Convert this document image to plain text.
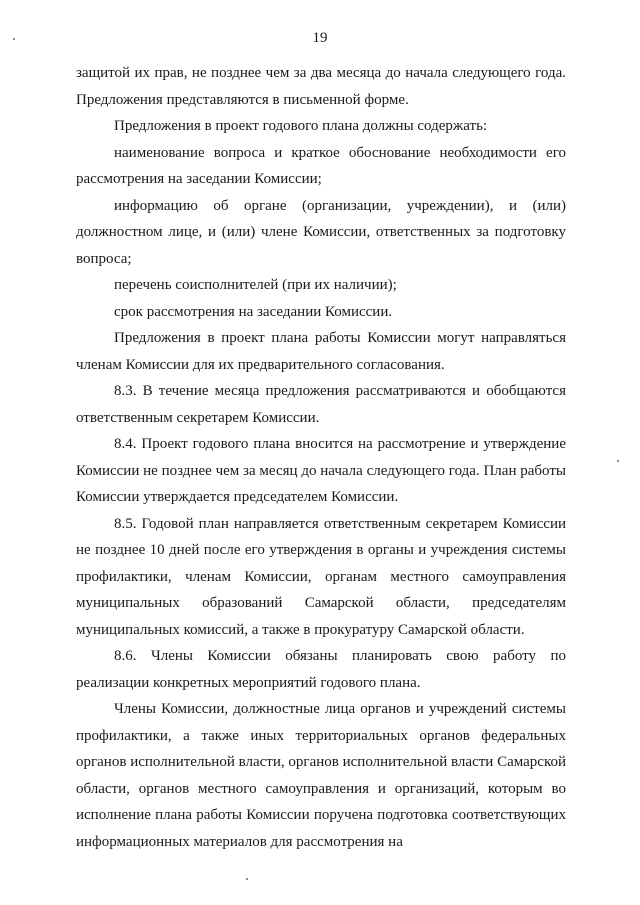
19

защитой их прав, не позднее чем за два месяца до начала следующего года. Предложения представляются в письменной форме.

Предложения в проект годового плана должны содержать:

наименование вопроса и краткое обоснование необходимости его рассмотрения на заседании Комиссии;

информацию об органе (организации, учреждении), и (или) должностном лице, и (или) члене Комиссии, ответственных за подготовку вопроса;

перечень соисполнителей (при их наличии);

срок рассмотрения на заседании Комиссии.

Предложения в проект плана работы Комиссии могут направляться членам Комиссии для их предварительного согласования.

8.3. В течение месяца предложения рассматриваются и обобщаются ответственным секретарем Комиссии.

8.4. Проект годового плана вносится на рассмотрение и утверждение Комиссии не позднее чем за месяц до начала следующего года. План работы Комиссии утверждается председателем Комиссии.

8.5. Годовой план направляется ответственным секретарем Комиссии не позднее 10 дней после его утверждения в органы и учреждения системы профилактики, членам Комиссии, органам местного самоуправления муниципальных образований Самарской области, председателям муниципальных комиссий, а также в прокуратуру Самарской области.

8.6. Члены Комиссии обязаны планировать свою работу по реализации конкретных мероприятий годового плана.

Члены Комиссии, должностные лица органов и учреждений системы профилактики, а также иных территориальных органов федеральных органов исполнительной власти, органов исполнительной власти Самарской области, органов местного самоуправления и организаций, которым во исполнение плана работы Комиссии поручена подготовка соответствующих информационных материалов для рассмотрения на
